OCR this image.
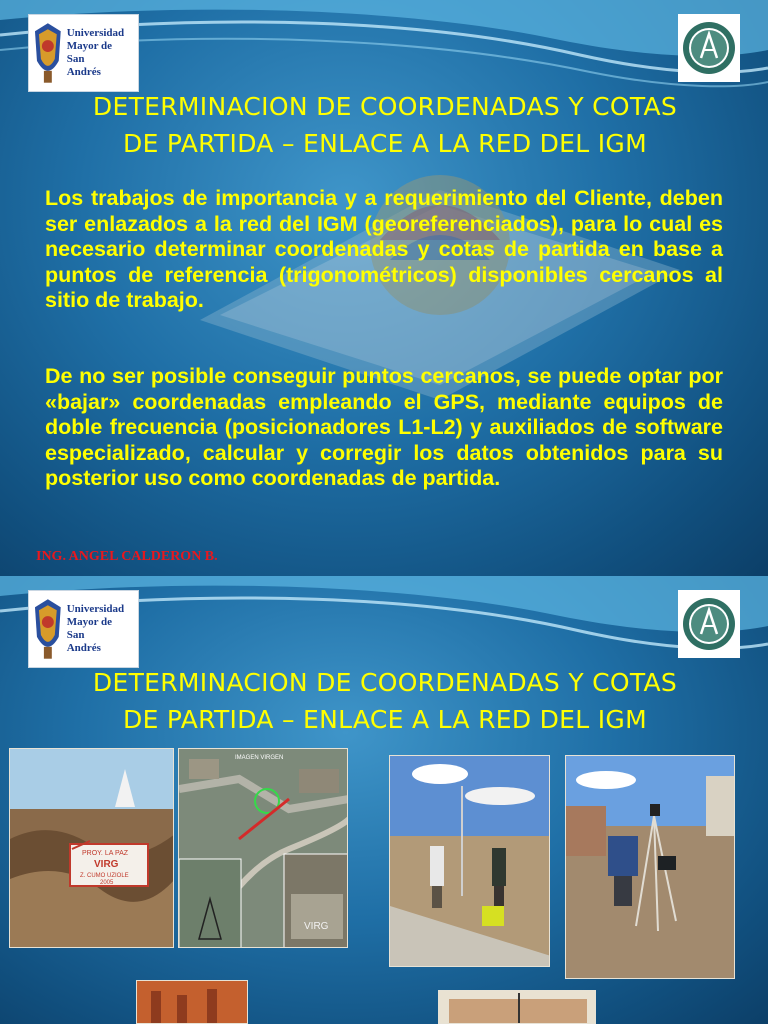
Universidad
Mayor de
San
Andrés
DETERMINACION DE COORDENADAS Y COTAS
DE PARTIDA – ENLACE A LA RED DEL IGM

Los trabajos de importancia y a requerimiento del Cliente, deben ser enlazados a la red del IGM (georeferenciados), para lo cual es necesario determinar coordenadas y cotas de partida en base a puntos de referencia (trigonométricos) disponibles cercanos al sitio de trabajo.

De no ser posible conseguir puntos cercanos, se puede optar por «bajar» coordenadas empleando el GPS, mediante equipos de doble frecuencia (posicionadores L1-L2) y auxiliados de software especializado, calcular y corregir los datos obtenidos para su posterior uso como coordenadas de partida.

ING. ANGEL CALDERON B.
Universidad
Mayor de
San
Andrés
DETERMINACION DE COORDENADAS Y COTAS
DE PARTIDA – ENLACE A LA RED DEL IGM
PROY. LA PAZ
VIRG
Z. CUMO UZIOLE
2005
IMAGEN VIRGEN
VIRG
